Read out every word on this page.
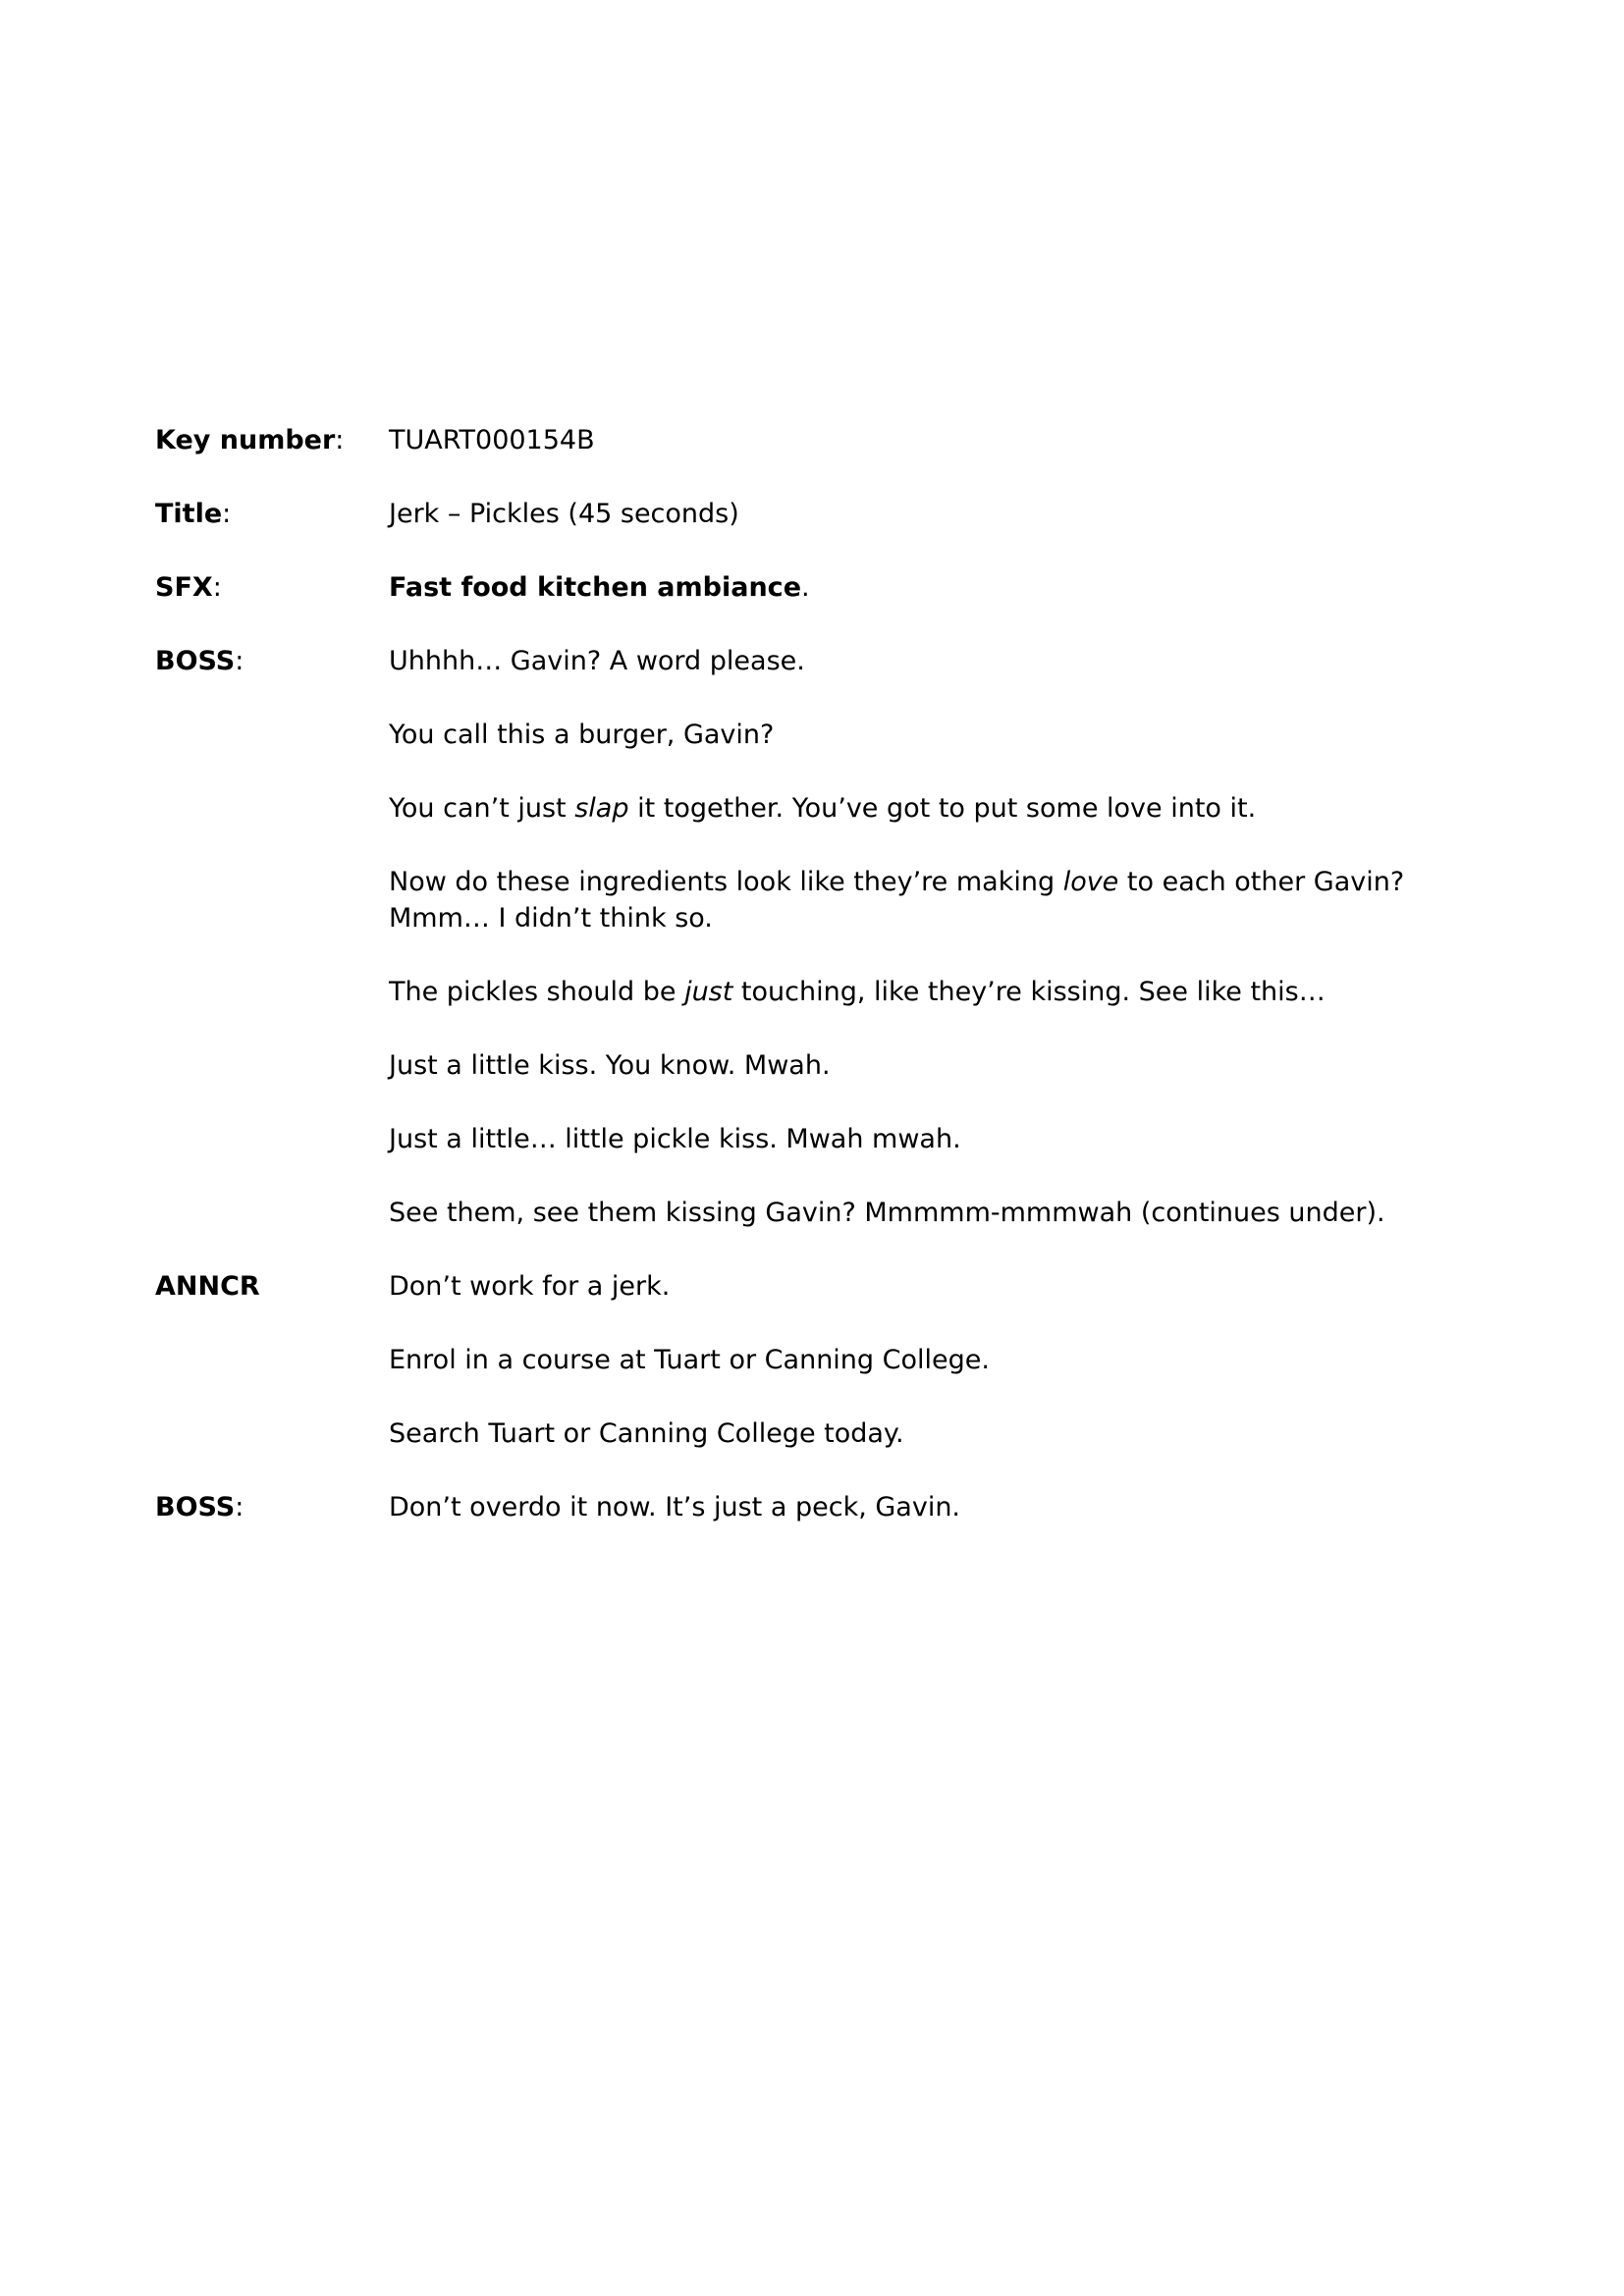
Key number:	TUART000154B

Title:	Jerk – Pickles (45 seconds)

SFX:	Fast food kitchen ambiance.

BOSS:	Uhhhh… Gavin? A word please.

You call this a burger, Gavin?

You can’t just slap it together. You’ve got to put some love into it.

Now do these ingredients look like they’re making love to each other Gavin? Mmm… I didn’t think so.

The pickles should be just touching, like they’re kissing. See like this…

Just a little kiss. You know. Mwah.

Just a little… little pickle kiss. Mwah mwah.

See them, see them kissing Gavin? Mmmmm-mmmwah (continues under).

ANNCR	Don’t work for a jerk.

Enrol in a course at Tuart or Canning College.

Search Tuart or Canning College today.

BOSS:	Don’t overdo it now. It’s just a peck, Gavin.
